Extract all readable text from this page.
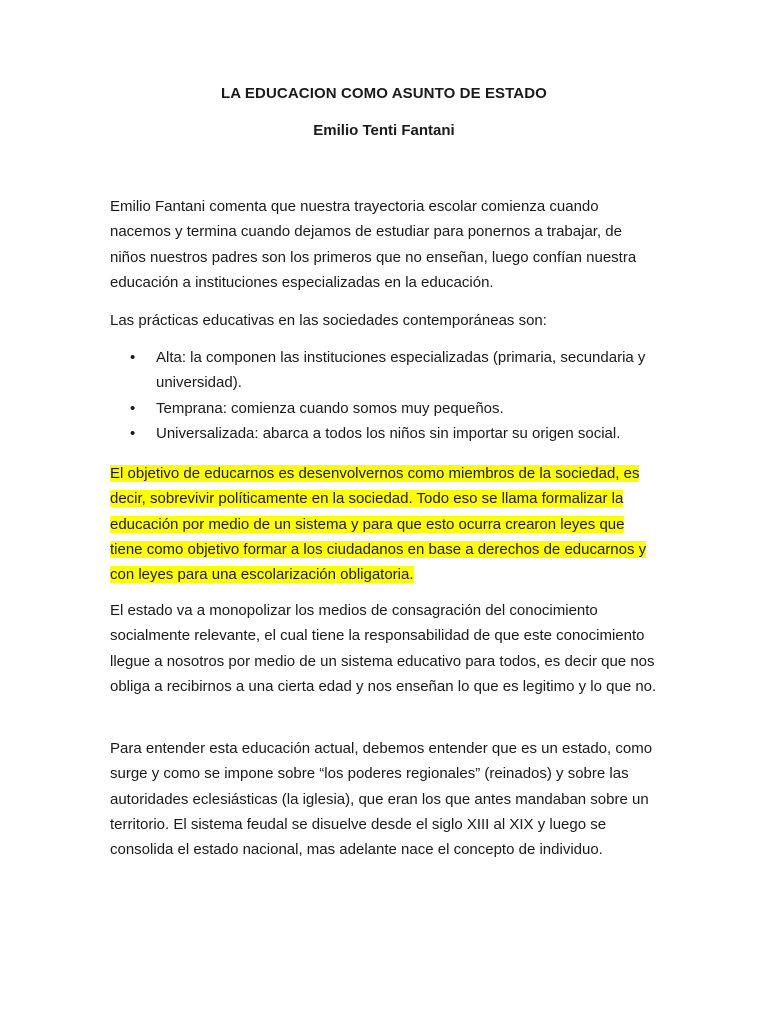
LA EDUCACION COMO ASUNTO DE ESTADO
Emilio Tenti Fantani

Emilio Fantani comenta que nuestra trayectoria escolar comienza cuando nacemos y termina cuando dejamos de estudiar para ponernos a trabajar, de niños nuestros padres son los primeros que no enseñan, luego confían nuestra educación a instituciones especializadas en la educación.

Las prácticas educativas en las sociedades contemporáneas son:

• Alta: la componen las instituciones especializadas (primaria, secundaria y universidad).
• Temprana: comienza cuando somos muy pequeños.
• Universalizada: abarca a todos los niños sin importar su origen social.

El objetivo de educarnos es desenvolvernos como miembros de la sociedad, es decir, sobrevivir políticamente en la sociedad. Todo eso se llama formalizar la educación por medio de un sistema y para que esto ocurra crearon leyes que tiene como objetivo formar a los ciudadanos en base a derechos de educarnos y con leyes para una escolarización obligatoria.

El estado va a monopolizar los medios de consagración del conocimiento socialmente relevante, el cual tiene la responsabilidad de que este conocimiento llegue a nosotros por medio de un sistema educativo para todos, es decir que nos obliga a recibirnos a una cierta edad y nos enseñan lo que es legitimo y lo que no.

Para entender esta educación actual, debemos entender que es un estado, como surge y como se impone sobre “los poderes regionales” (reinados) y sobre las autoridades eclesiásticas (la iglesia), que eran los que antes mandaban sobre un territorio. El sistema feudal se disuelve desde el siglo XIII al XIX y luego se consolida el estado nacional, mas adelante nace el concepto de individuo.
